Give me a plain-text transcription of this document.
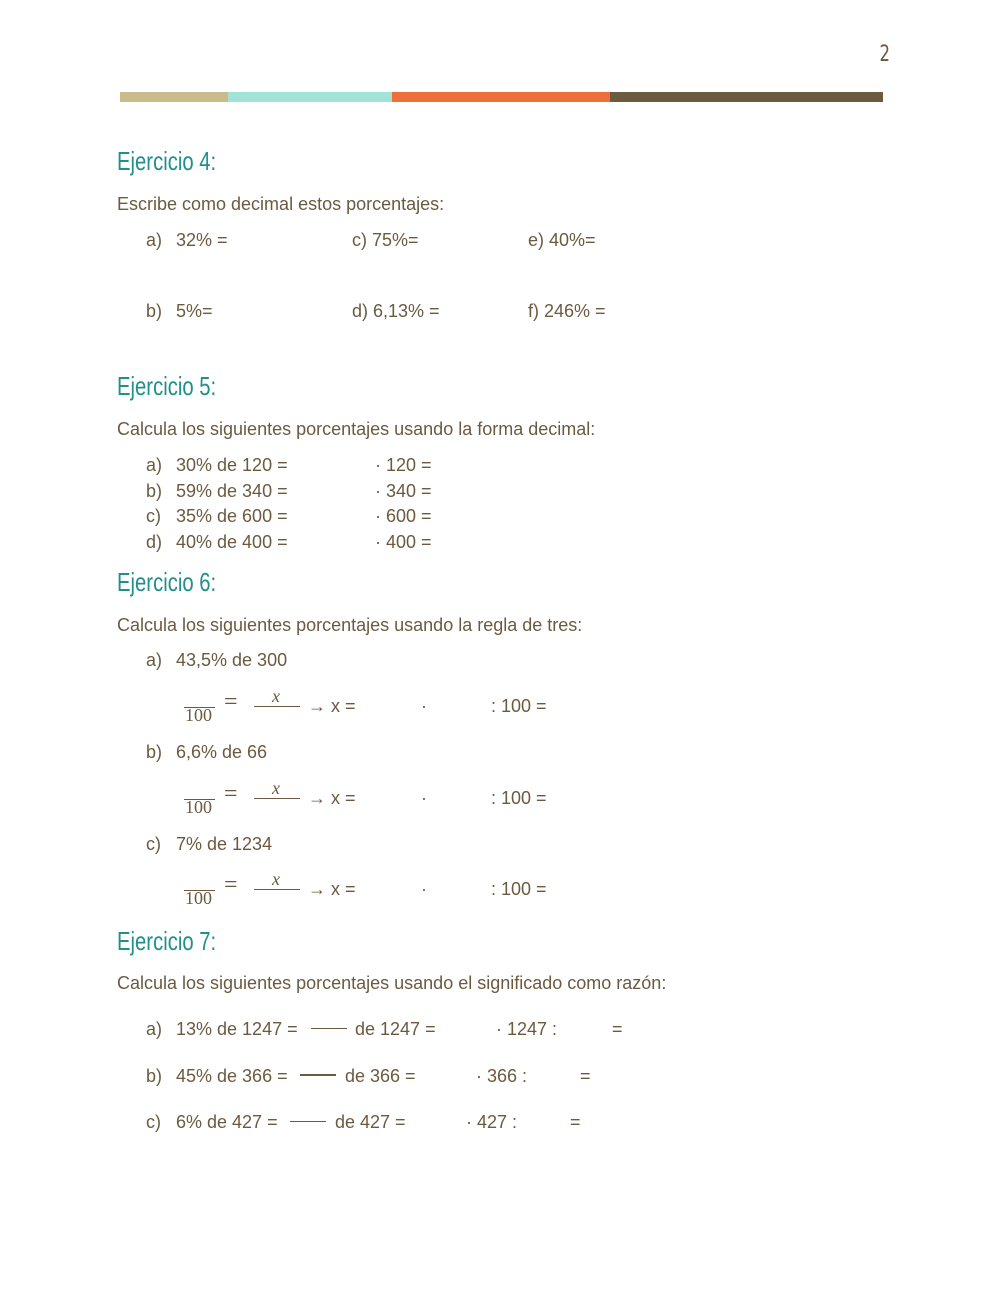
2
Ejercicio 4:
Escribe como decimal estos porcentajes:
a) 32% =	c) 75%=	e) 40%=
b) 5%=	d) 6,13% =	f) 246% =
Ejercicio 5:
Calcula los siguientes porcentajes usando la forma decimal:
a) 30% de 120 =	· 120 =
b) 59% de 340 =	· 340 =
c) 35% de 600 =	· 600 =
d) 40% de 400 =	· 400 =
Ejercicio 6:
Calcula los siguientes porcentajes usando la regla de tres:
a) 43,5% de 300
100 = x → x =	·	: 100 =
b) 6,6% de 66
100 = x → x =	·	: 100 =
c) 7% de 1234
100 = x → x =	·	: 100 =
Ejercicio 7:
Calcula los siguientes porcentajes usando el significado como razón:
a) 13% de 1247 =	de 1247 =	· 1247 :	=
b) 45% de 366 =	de 366 =	· 366 :	=
c) 6% de 427 =	de 427 =	· 427 :	=
